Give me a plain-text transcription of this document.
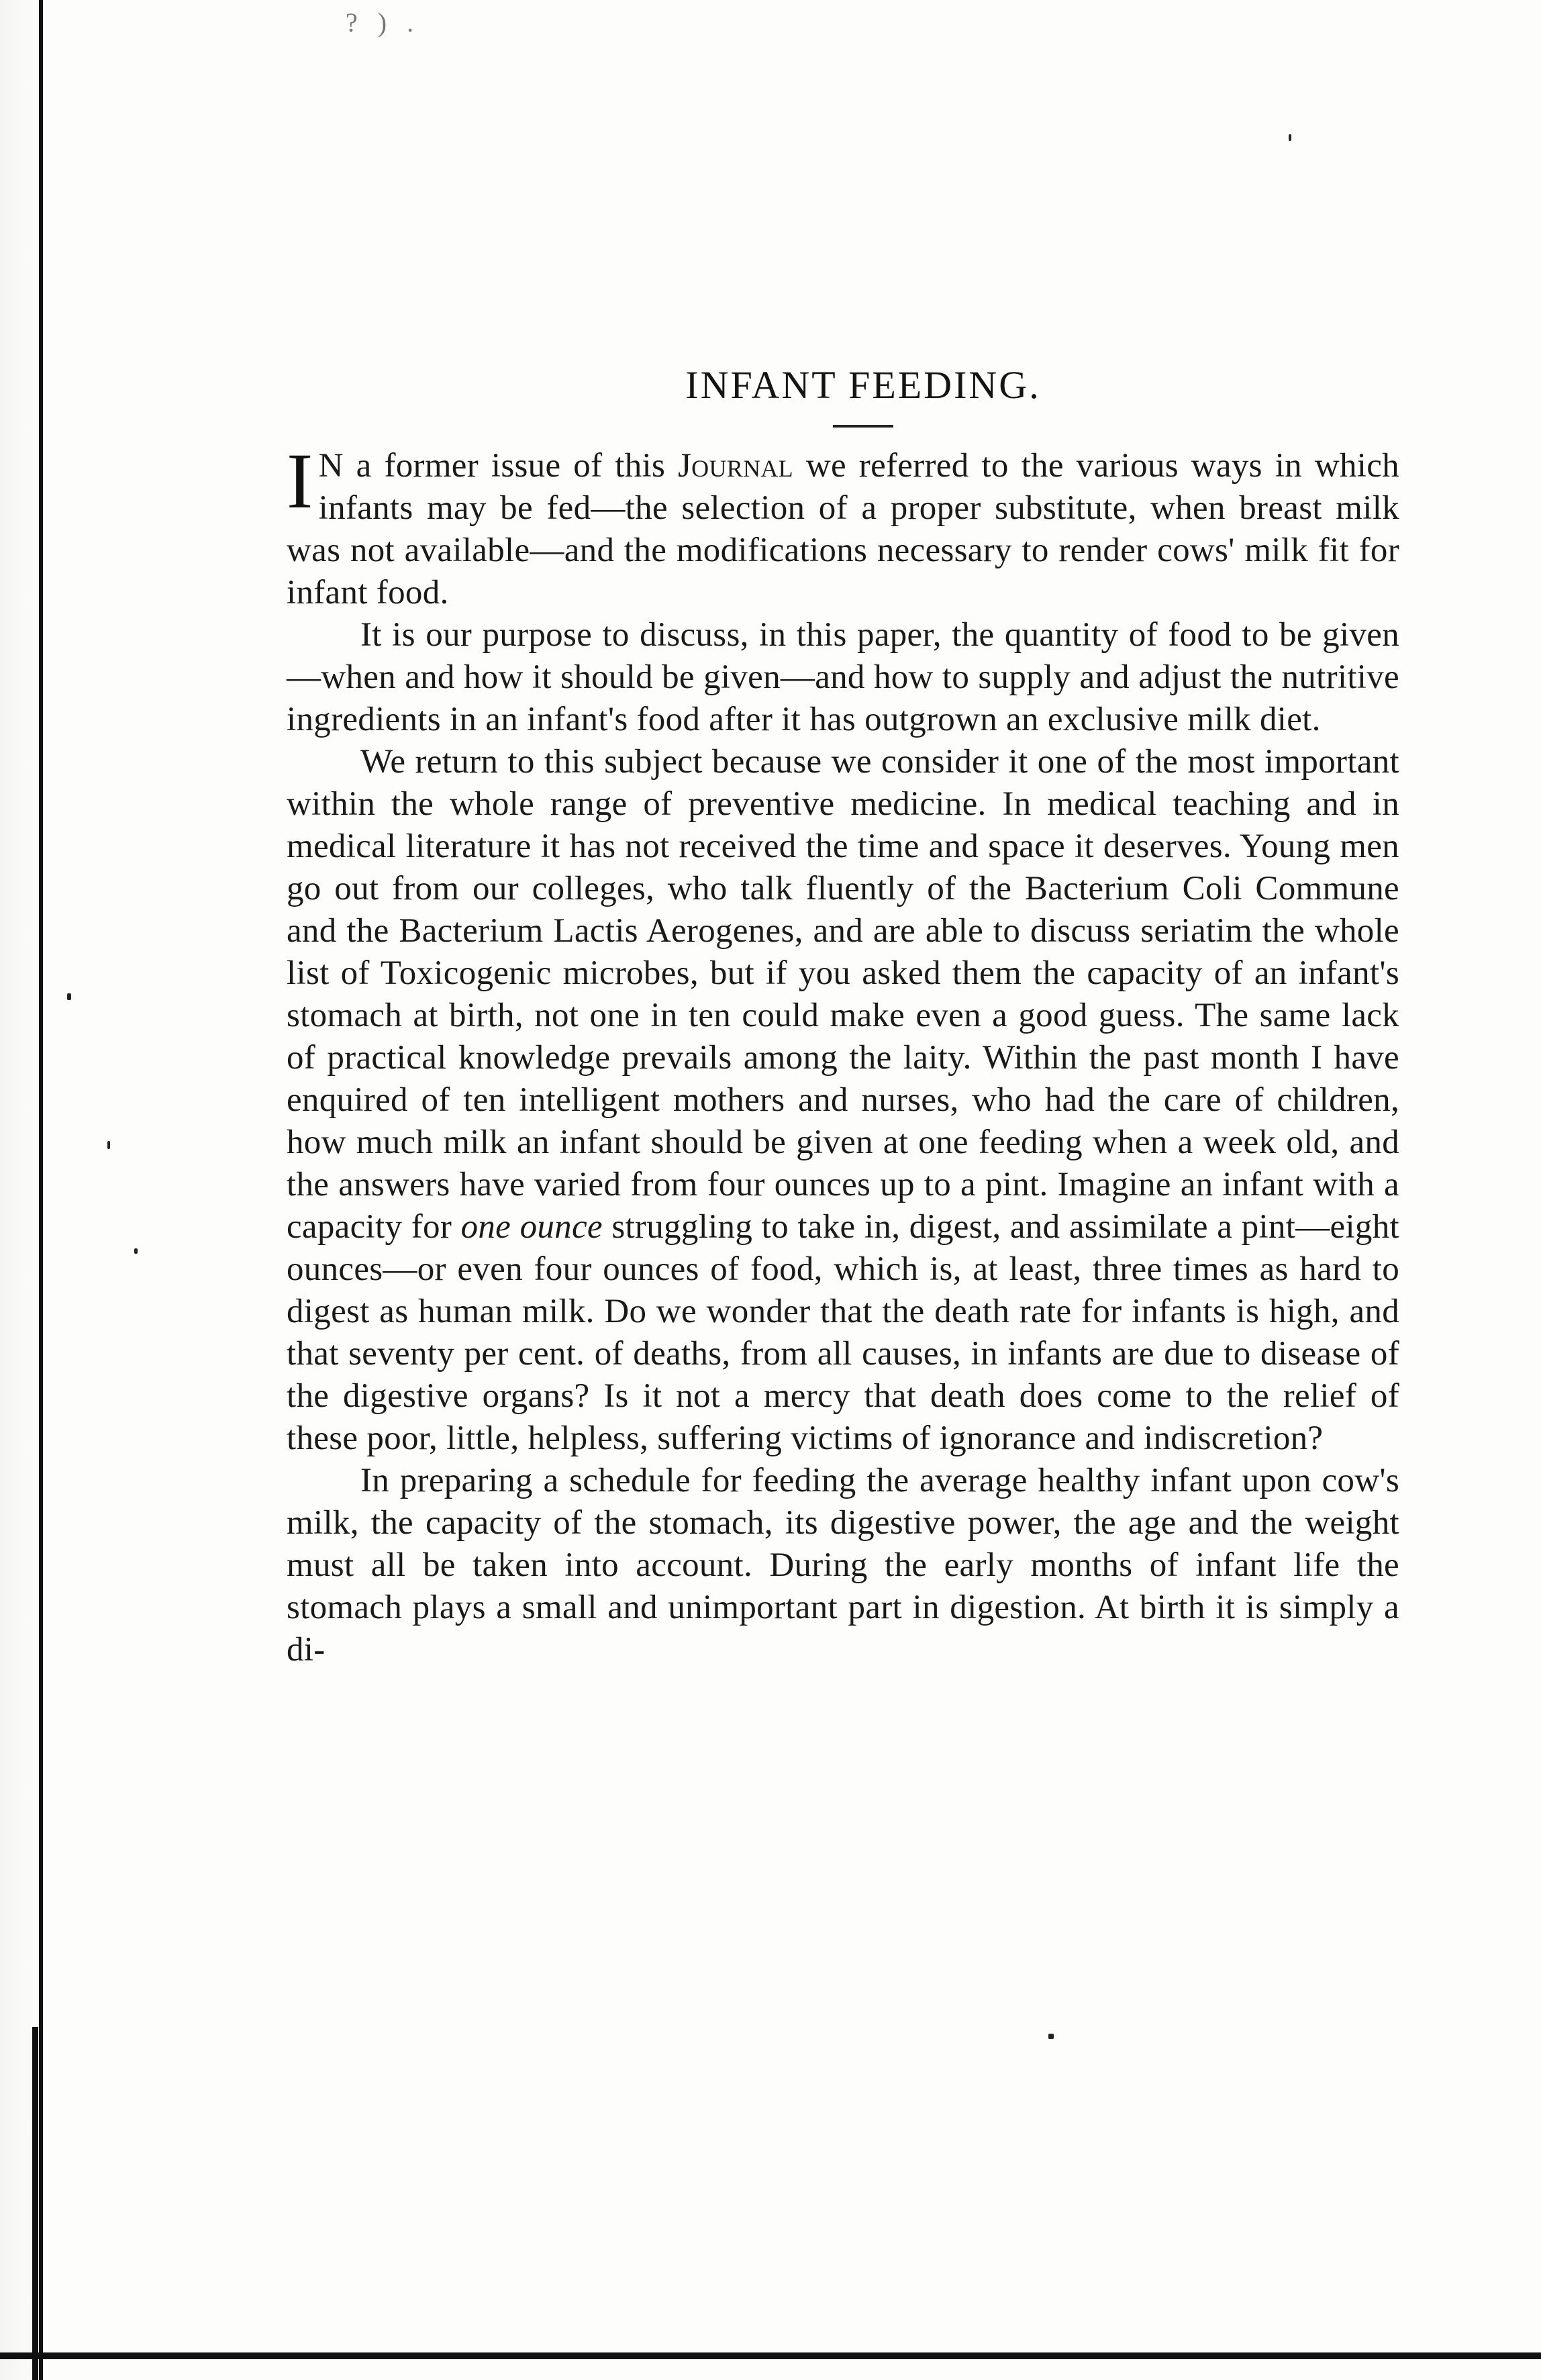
? ) .
INFANT FEEDING.

I N a former issue of this Journal we referred to the various ways in which infants may be fed—the selection of a proper substitute, when breast milk was not available—and the modifications necessary to render cows' milk fit for infant food.

It is our purpose to discuss, in this paper, the quantity of food to be given—when and how it should be given—and how to supply and adjust the nutritive ingredients in an infant's food after it has outgrown an exclusive milk diet.

We return to this subject because we consider it one of the most important within the whole range of preventive medicine. In medical teaching and in medical literature it has not received the time and space it deserves. Young men go out from our colleges, who talk fluently of the Bacterium Coli Commune and the Bacterium Lactis Aerogenes, and are able to discuss seriatim the whole list of Toxicogenic microbes, but if you asked them the capacity of an infant's stomach at birth, not one in ten could make even a good guess. The same lack of practical knowledge prevails among the laity. Within the past month I have enquired of ten intelligent mothers and nurses, who had the care of children, how much milk an infant should be given at one feeding when a week old, and the answers have varied from four ounces up to a pint. Imagine an infant with a capacity for one ounce struggling to take in, digest, and assimilate a pint—eight ounces—or even four ounces of food, which is, at least, three times as hard to digest as human milk. Do we wonder that the death rate for infants is high, and that seventy per cent. of deaths, from all causes, in infants are due to disease of the digestive organs? Is it not a mercy that death does come to the relief of these poor, little, helpless, suffering victims of ignorance and indiscretion?

In preparing a schedule for feeding the average healthy infant upon cow's milk, the capacity of the stomach, its digestive power, the age and the weight must all be taken into account. During the early months of infant life the stomach plays a small and unimportant part in digestion. At birth it is simply a di-
